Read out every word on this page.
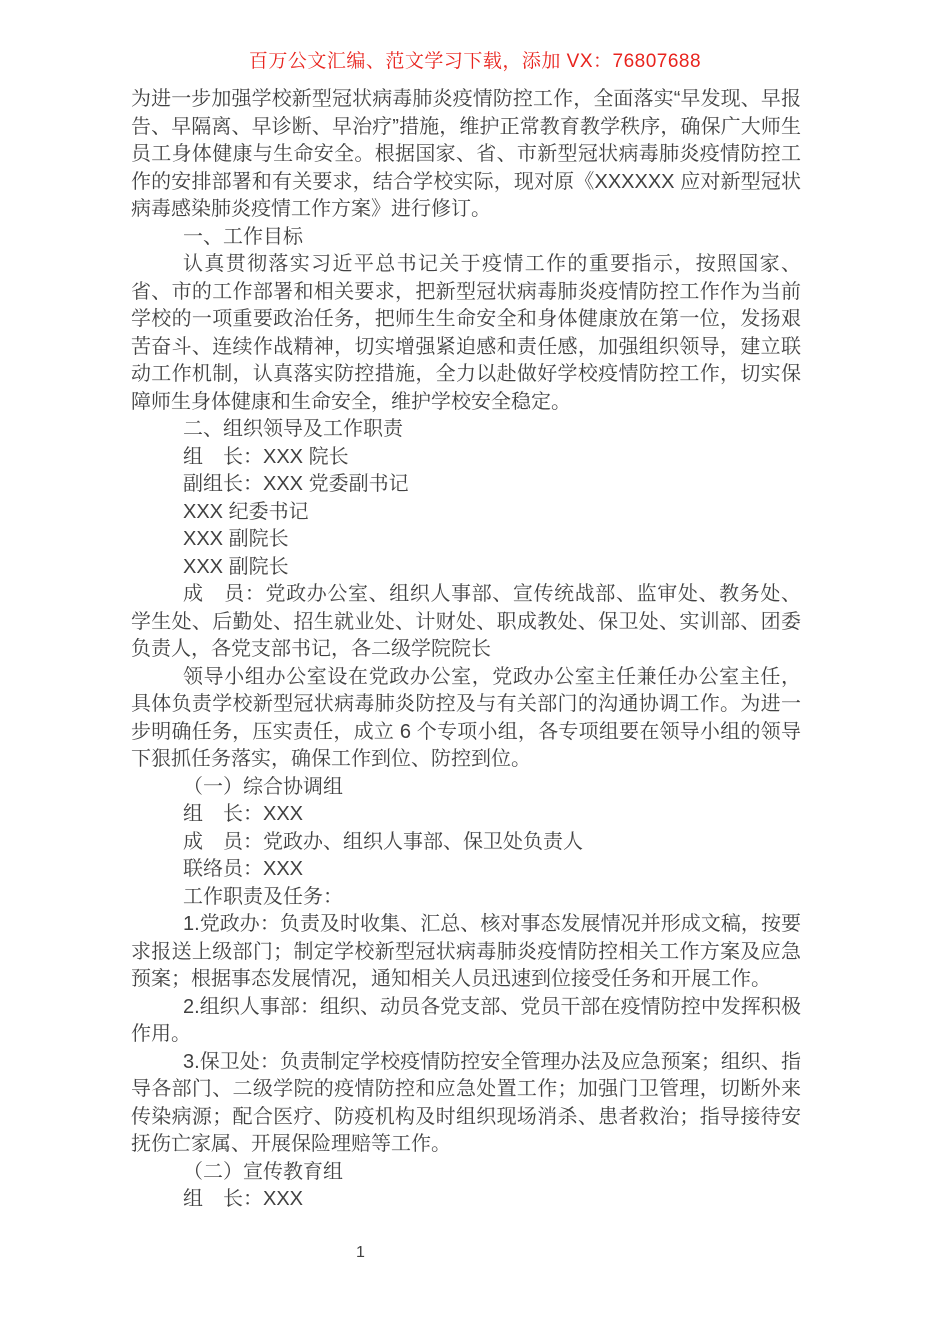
百万公文汇编、范文学习下载，添加 VX：76807688

为进一步加强学校新型冠状病毒肺炎疫情防控工作，全面落实“早发现、早报告、早隔离、早诊断、早治疗”措施，维护正常教育教学秩序，确保广大师生员工身体健康与生命安全。根据国家、省、市新型冠状病毒肺炎疫情防控工作的安排部署和有关要求，结合学校实际，现对原《XXXXXX 应对新型冠状病毒感染肺炎疫情工作方案》进行修订。

一、工作目标

认真贯彻落实习近平总书记关于疫情工作的重要指示，按照国家、省、市的工作部署和相关要求，把新型冠状病毒肺炎疫情防控工作作为当前学校的一项重要政治任务，把师生生命安全和身体健康放在第一位，发扬艰苦奋斗、连续作战精神，切实增强紧迫感和责任感，加强组织领导，建立联动工作机制，认真落实防控措施，全力以赴做好学校疫情防控工作，切实保障师生身体健康和生命安全，维护学校安全稳定。

二、组织领导及工作职责

组　长：XXX 院长

副组长：XXX 党委副书记

XXX 纪委书记

XXX 副院长

XXX 副院长

成　员：党政办公室、组织人事部、宣传统战部、监审处、教务处、学生处、后勤处、招生就业处、计财处、职成教处、保卫处、实训部、团委负责人，各党支部书记，各二级学院院长

领导小组办公室设在党政办公室，党政办公室主任兼任办公室主任，具体负责学校新型冠状病毒肺炎防控及与有关部门的沟通协调工作。为进一步明确任务，压实责任，成立 6 个专项小组，各专项组要在领导小组的领导下狠抓任务落实，确保工作到位、防控到位。

（一）综合协调组

组　长：XXX

成　员：党政办、组织人事部、保卫处负责人

联络员：XXX

工作职责及任务：

1.党政办：负责及时收集、汇总、核对事态发展情况并形成文稿，按要求报送上级部门；制定学校新型冠状病毒肺炎疫情防控相关工作方案及应急预案；根据事态发展情况，通知相关人员迅速到位接受任务和开展工作。

2.组织人事部：组织、动员各党支部、党员干部在疫情防控中发挥积极作用。

3.保卫处：负责制定学校疫情防控安全管理办法及应急预案；组织、指导各部门、二级学院的疫情防控和应急处置工作；加强门卫管理，切断外来传染病源；配合医疗、防疫机构及时组织现场消杀、患者救治；指导接待安抚伤亡家属、开展保险理赔等工作。

（二）宣传教育组

组　长：XXX

1
